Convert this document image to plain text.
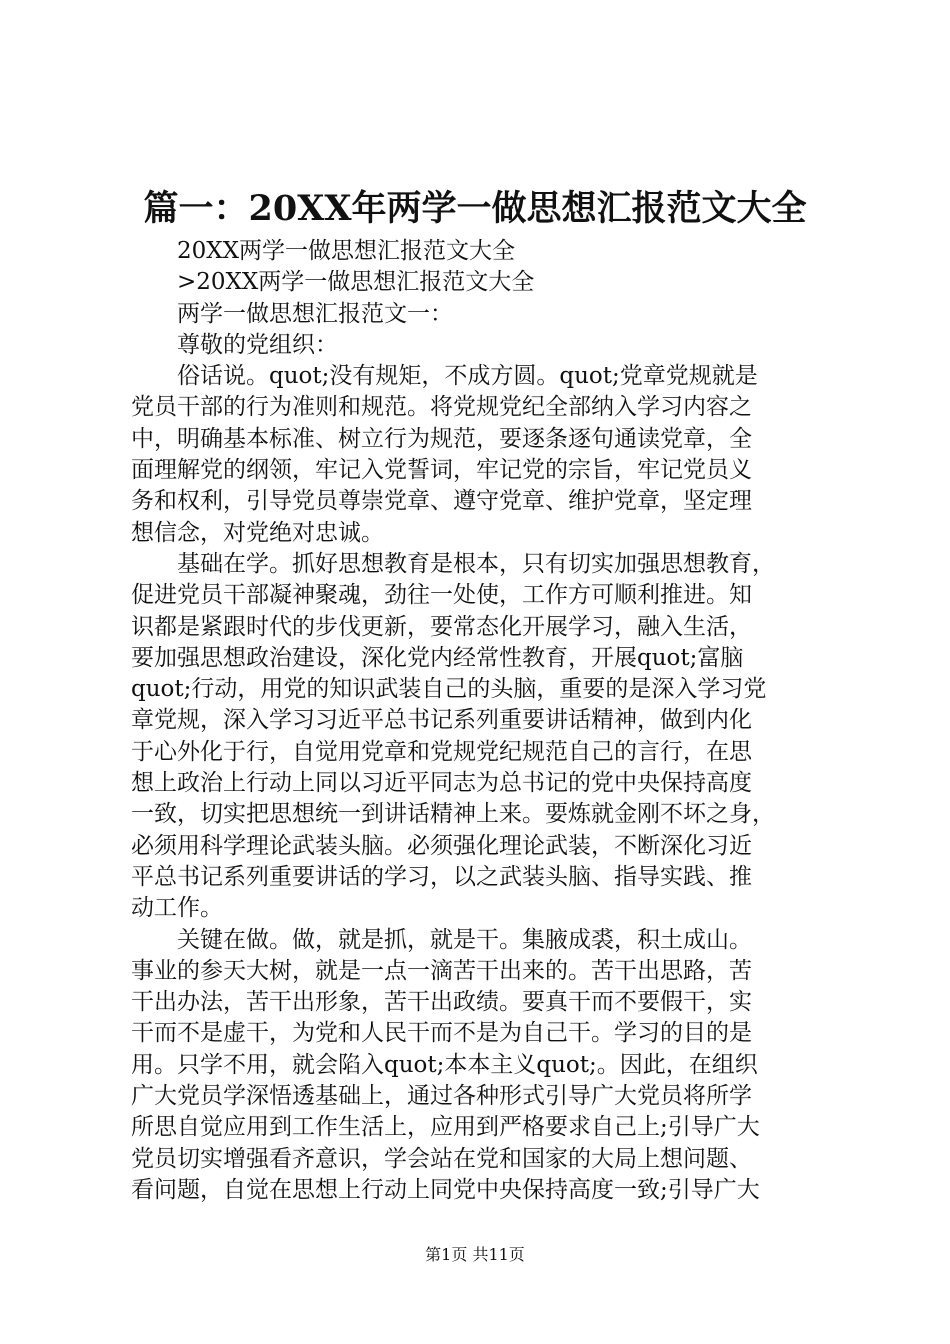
篇一：20XX年两学一做思想汇报范文大全
20XX两学一做思想汇报范文大全
>20XX两学一做思想汇报范文大全
两学一做思想汇报范文一：
尊敬的党组织：
俗话说。quot;没有规矩，不成方圆。quot;党章党规就是
党员干部的行为准则和规范。将党规党纪全部纳入学习内容之
中，明确基本标准、树立行为规范，要逐条逐句通读党章，全
面理解党的纲领，牢记入党誓词，牢记党的宗旨，牢记党员义
务和权利，引导党员尊崇党章、遵守党章、维护党章，坚定理
想信念，对党绝对忠诚。
基础在学。抓好思想教育是根本，只有切实加强思想教育，
促进党员干部凝神聚魂，劲往一处使，工作方可顺利推进。知
识都是紧跟时代的步伐更新，要常态化开展学习，融入生活，
要加强思想政治建设，深化党内经常性教育，开展quot;富脑
quot;行动，用党的知识武装自己的头脑，重要的是深入学习党
章党规，深入学习习近平总书记系列重要讲话精神，做到内化
于心外化于行，自觉用党章和党规党纪规范自己的言行，在思
想上政治上行动上同以习近平同志为总书记的党中央保持高度
一致，切实把思想统一到讲话精神上来。要炼就金刚不坏之身，
必须用科学理论武装头脑。必须强化理论武装，不断深化习近
平总书记系列重要讲话的学习，以之武装头脑、指导实践、推
动工作。
关键在做。做，就是抓，就是干。集腋成裘，积土成山。
事业的参天大树，就是一点一滴苦干出来的。苦干出思路，苦
干出办法，苦干出形象，苦干出政绩。要真干而不要假干，实
干而不是虚干，为党和人民干而不是为自己干。学习的目的是
用。只学不用，就会陷入quot;本本主义quot;。因此，在组织
广大党员学深悟透基础上，通过各种形式引导广大党员将所学
所思自觉应用到工作生活上，应用到严格要求自己上;引导广大
党员切实增强看齐意识，学会站在党和国家的大局上想问题、
看问题，自觉在思想上行动上同党中央保持高度一致;引导广大
第1页 共11页
